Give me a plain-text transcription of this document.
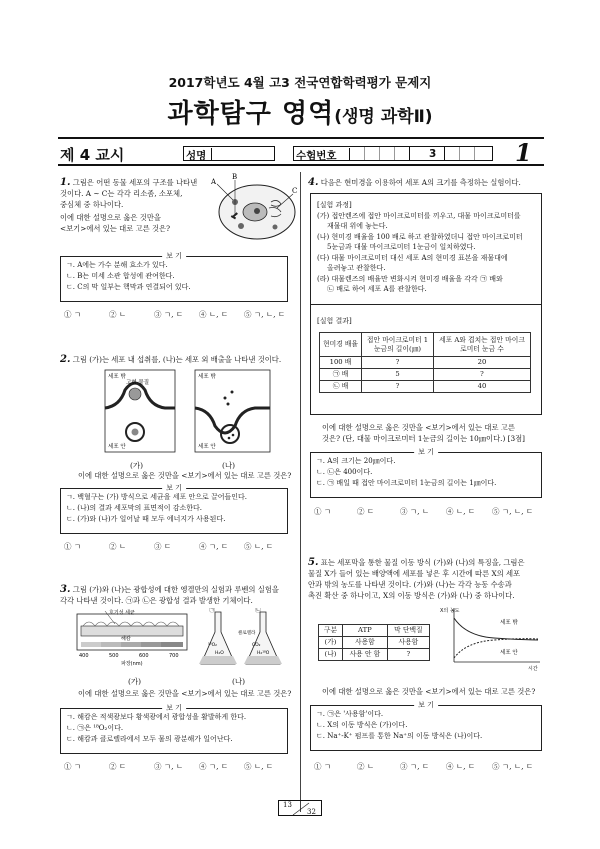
2017학년도 4월 고3 전국연합학력평가 문제지
과학탐구 영역(생명 과학Ⅱ)
제 4 교시	성명	수험번호	3	1
1. 그림은 어떤 동물 세포의 구조를 나타낸
것이다. A ~ C는 각각 리소좀, 소포체,
중심체 중 하나이다.
이에 대한 설명으로 옳은 것만을
<보기>에서 있는 대로 고른 것은?
A
B
C
보 기
ㄱ. A에는 가수 분해 효소가 있다.
ㄴ. B는 미세 소관 합성에 관여한다.
ㄷ. C의 막 일부는 핵막과 연결되어 있다.
① ㄱ	② ㄴ	③ ㄱ, ㄷ	④ ㄴ, ㄷ	⑤ ㄱ, ㄴ, ㄷ
2. 그림 (가)는 세포 내 섭취를, (나)는 세포 외 배출을 나타낸 것이다.
세포 밖
고형 물질
세포 안
세포 밖
세포 안
(가)	(나)
이에 대한 설명으로 옳은 것만을 <보기>에서 있는 대로 고른 것은?
보 기
ㄱ. 백혈구는 (가) 방식으로 세균을 세포 안으로 끌어들인다.
ㄴ. (나)의 결과 세포막의 표면적이 감소한다.
ㄷ. (가)와 (나)가 일어날 때 모두 에너지가 사용된다.
① ㄱ	② ㄴ	③ ㄷ	④ ㄱ, ㄷ	⑤ ㄴ, ㄷ
3. 그림 (가)와 (나)는 광합성에 대한 엥겔만의 실험과 루벤의 실험을
각각 나타낸 것이다. ㉠과 ㉡은 광합성 결과 발생한 기체이다.
호기성 세균
해캄
400	500	600	700
파장(nm)
㉠	㉡
클로렐라
¹⁸O₂
H₂O
CO₂
H₂¹⁸O
(가)	(나)
이에 대한 설명으로 옳은 것만을 <보기>에서 있는 대로 고른 것은?
보 기
ㄱ. 해캄은 적색광보다 황색광에서 광합성을 활발하게 한다.
ㄴ. ㉠은 ¹⁸O₂이다.
ㄷ. 해캄과 클로렐라에서 모두 물의 광분해가 일어난다.
① ㄱ	② ㄷ	③ ㄱ, ㄴ	④ ㄱ, ㄷ	⑤ ㄴ, ㄷ
4. 다음은 현미경을 이용하여 세포 A의 크기를 측정하는 실험이다.
[실험 과정]
(가) 접안렌즈에 접안 마이크로미터를 끼우고, 대물 마이크로미터를
재물대 위에 놓는다.
(나) 현미경 배율을 100 배로 하고 관찰하였더니 접안 마이크로미터
5눈금과 대물 마이크로미터 1눈금이 일치하였다.
(다) 대물 마이크로미터 대신 세포 A의 현미경 표본을 재물대에
올려놓고 관찰한다.
(라) 대물렌즈의 배율만 변화시켜 현미경 배율을 각각 ㉠ 배와
㉡ 배로 하여 세포 A를 관찰한다.
[실험 결과]
현미경 배율	접안 마이크로미터 1눈금의 길이(㎛)	세포 A와 겹치는 접안 마이크로미터 눈금 수
100 배	?	20
㉠ 배	5	?
㉡ 배	?	40
이에 대한 설명으로 옳은 것만을 <보기>에서 있는 대로 고른
것은? (단, 대물 마이크로미터 1눈금의 길이는 10㎛이다.) [3점]
보 기
ㄱ. A의 크기는 20㎛이다.
ㄴ. ㉡은 400이다.
ㄷ. ㉠ 배일 때 접안 마이크로미터 1눈금의 길이는 1㎛이다.
① ㄱ	② ㄷ	③ ㄱ, ㄴ	④ ㄴ, ㄷ	⑤ ㄱ, ㄴ, ㄷ
5. 표는 세포막을 통한 물질 이동 방식 (가)와 (나)의 특징을, 그림은
물질 X가 들어 있는 배양액에 세포를 넣은 후 시간에 따른 X의 세포
안과 밖의 농도를 나타낸 것이다. (가)와 (나)는 각각 능동 수송과
촉진 확산 중 하나이고, X의 이동 방식은 (가)와 (나) 중 하나이다.
구분	ATP	막 단백질
(가)	사용함	사용함
(나)	사용 안 함	?
X의 농도
세포 밖
세포 안
시간
이에 대한 설명으로 옳은 것만을 <보기>에서 있는 대로 고른 것은?
보 기
ㄱ. ㉠은 '사용함'이다.
ㄴ. X의 이동 방식은 (가)이다.
ㄷ. Na⁺-K⁺ 펌프를 통한 Na⁺의 이동 방식은 (나)이다.
① ㄱ	② ㄴ	③ ㄱ, ㄷ	④ ㄴ, ㄷ	⑤ ㄱ, ㄴ, ㄷ
13
32
